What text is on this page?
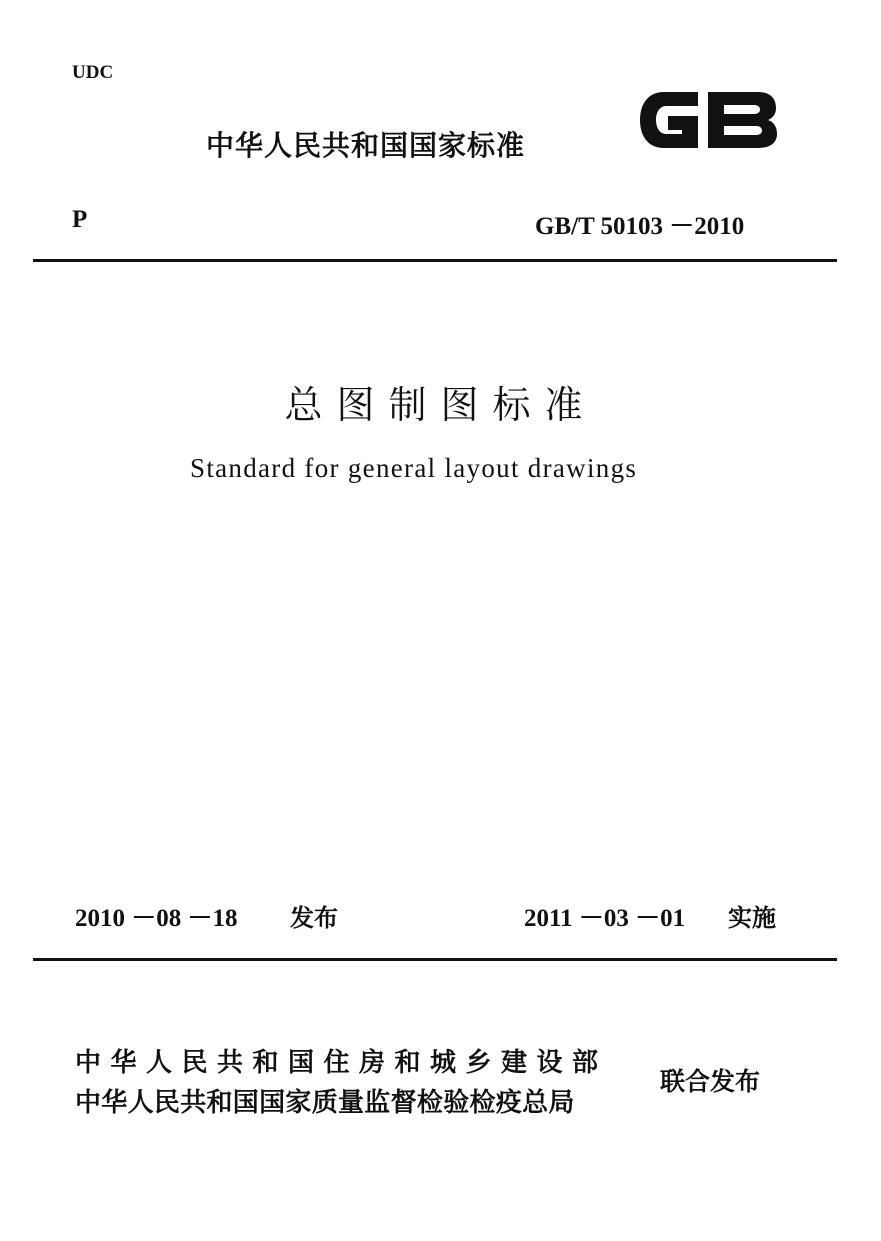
UDC
中华人民共和国国家标准
P	GB/T 50103 －2010
总图制图标准
Standard for general layout drawings
2010 －08 －18 发布	2011 －03 －01 实施
中华人民共和国住房和城乡建设部
中华人民共和国国家质量监督检验检疫总局
联合发布
